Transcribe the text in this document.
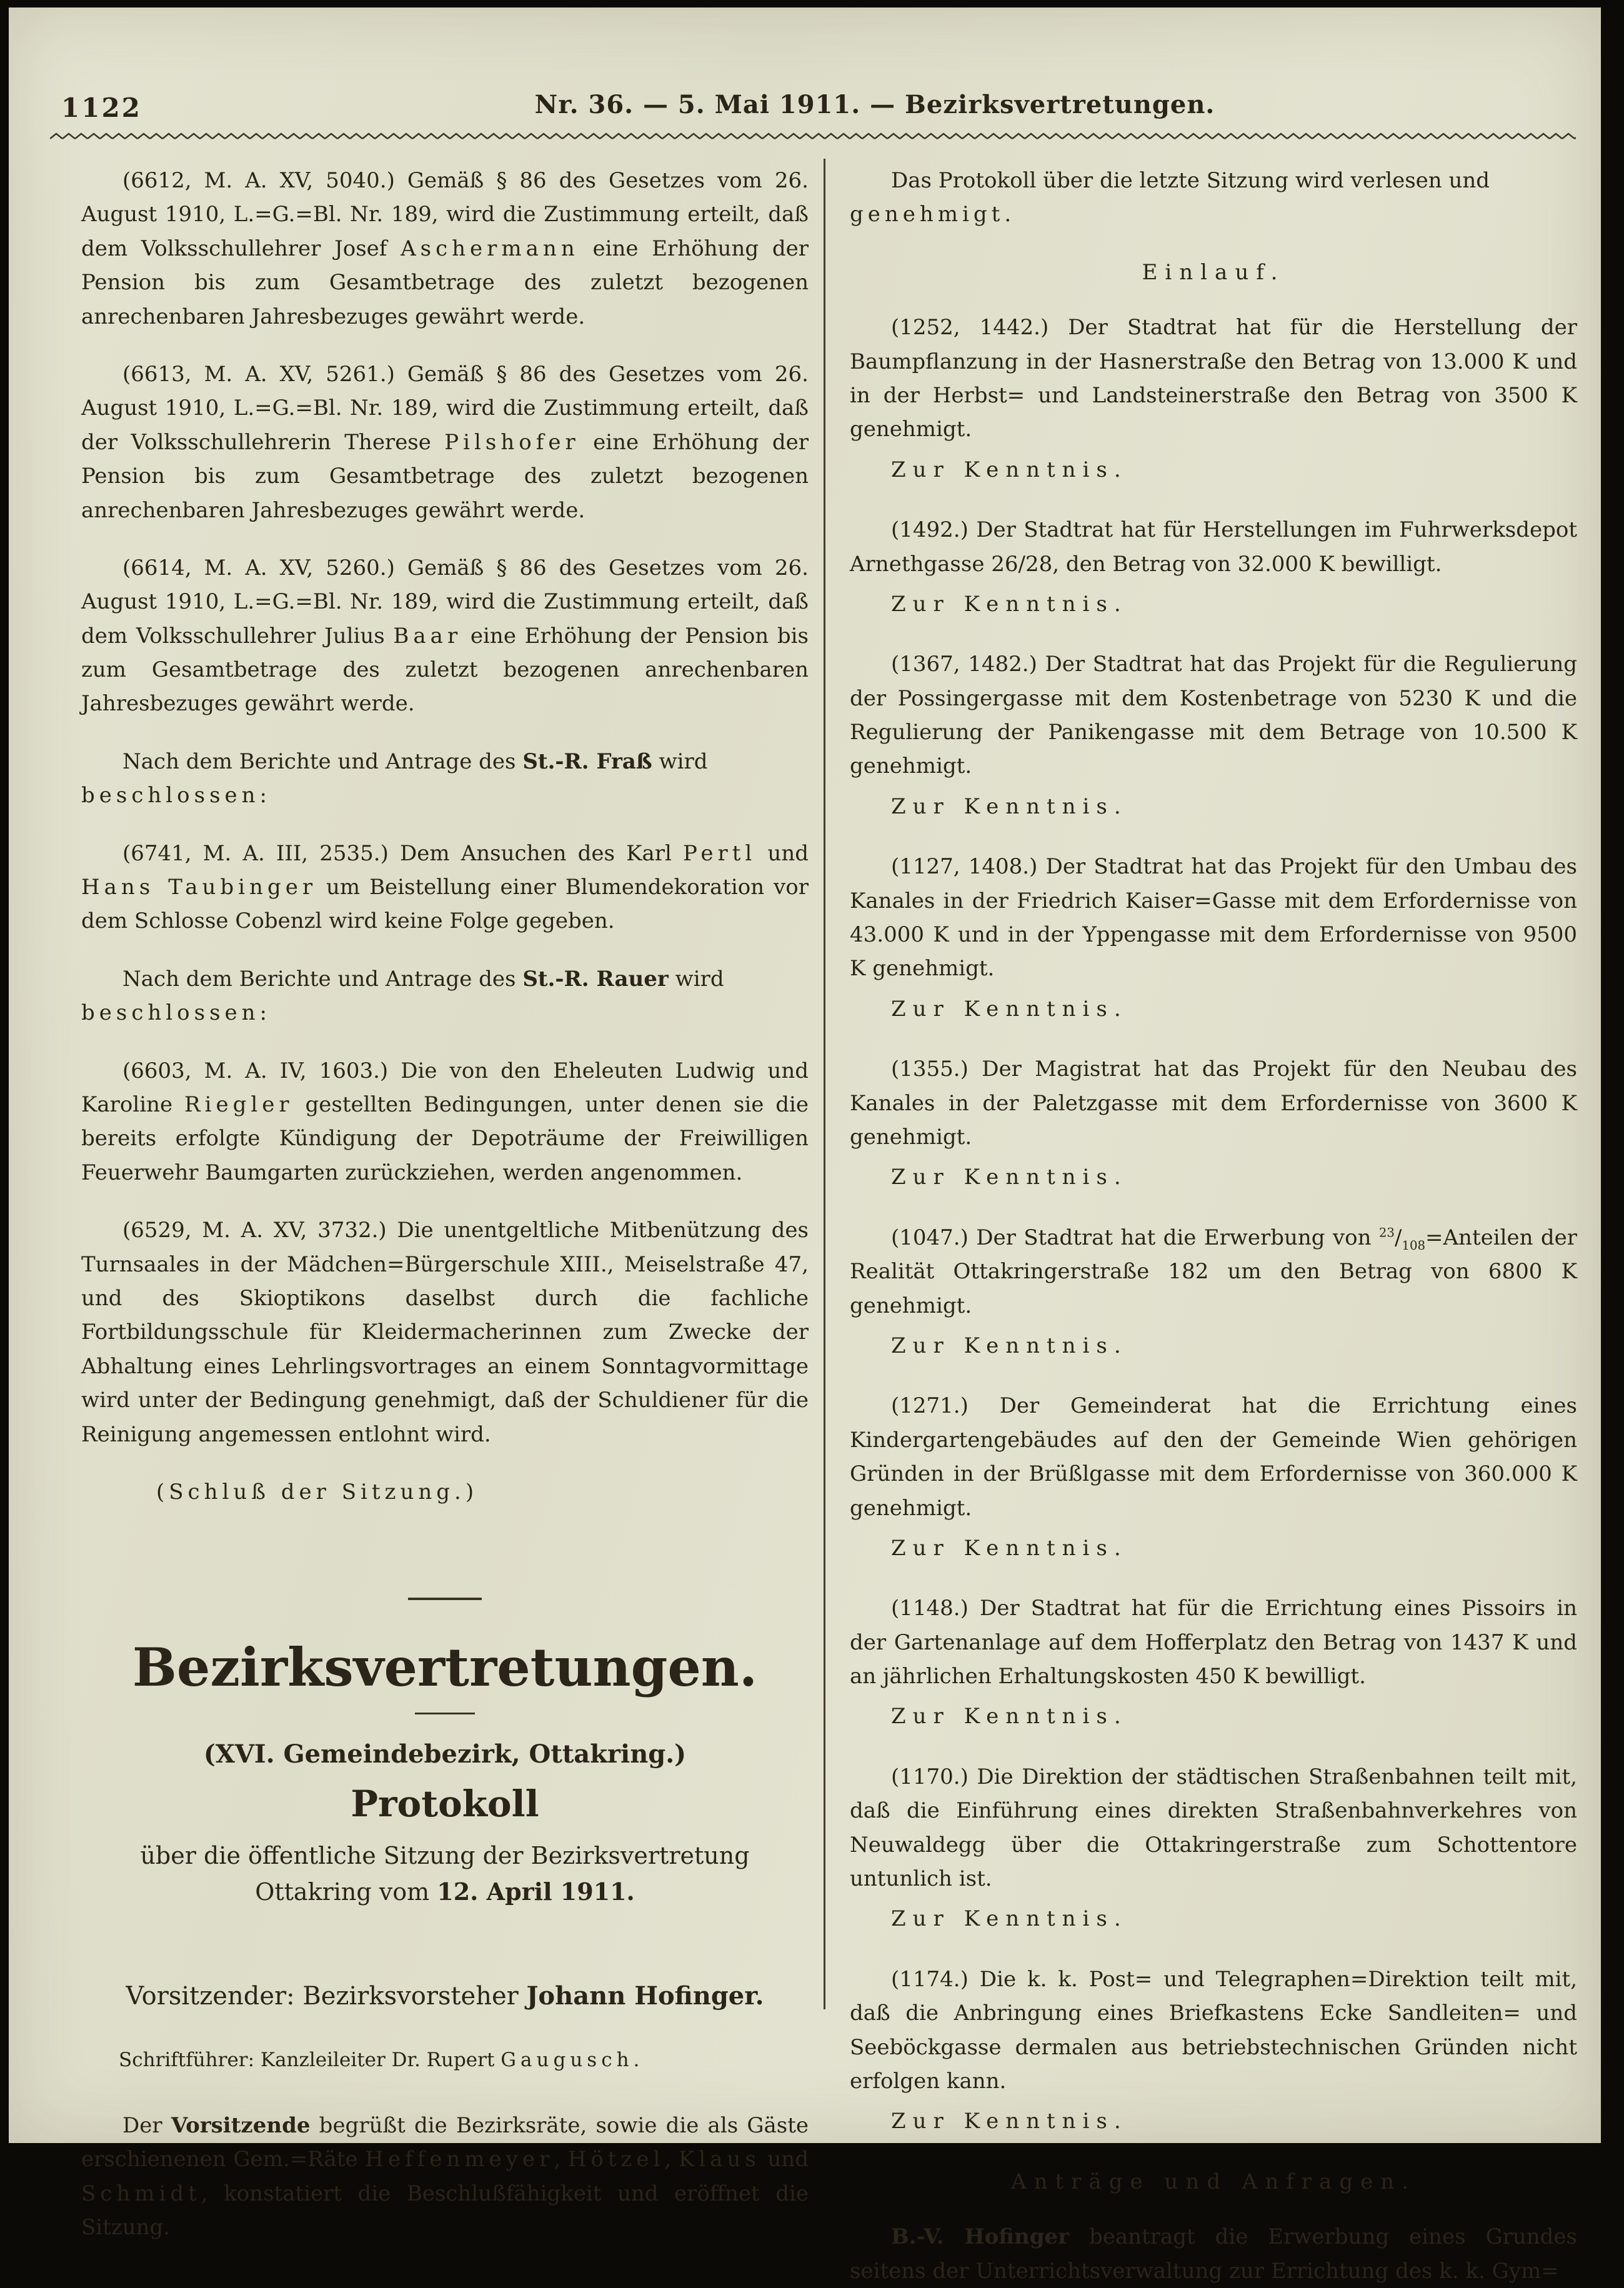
1122	Nr. 36. — 5. Mai 1911. — Bezirksvertretungen.
(6612, M. A. XV, 5040.) Gemäß § 86 des Gesetzes vom 26. August 1910, L.=G.=Bl. Nr. 189, wird die Zustimmung erteilt, daß dem Volksschullehrer Josef Aschermann eine Erhöhung der Pension bis zum Gesamtbetrage des zuletzt bezogenen anrechenbaren Jahresbezuges gewährt werde.
(6613, M. A. XV, 5261.) Gemäß § 86 des Gesetzes vom 26. August 1910, L.=G.=Bl. Nr. 189, wird die Zustimmung erteilt, daß der Volksschullehrerin Therese Pilshofer eine Erhöhung der Pension bis zum Gesamtbetrage des zuletzt bezogenen anrechenbaren Jahresbezuges gewährt werde.
(6614, M. A. XV, 5260.) Gemäß § 86 des Gesetzes vom 26. August 1910, L.=G.=Bl. Nr. 189, wird die Zustimmung erteilt, daß dem Volksschullehrer Julius Baar eine Erhöhung der Pension bis zum Gesamtbetrage des zuletzt bezogenen anrechenbaren Jahresbezuges gewährt werde.
Nach dem Berichte und Antrage des St.-R. Fraß wird
beschlossen:
(6741, M. A. III, 2535.) Dem Ansuchen des Karl Pertl und Hans Taubinger um Beistellung einer Blumendekoration vor dem Schlosse Cobenzl wird keine Folge gegeben.
Nach dem Berichte und Antrage des St.-R. Rauer wird
beschlossen:
(6603, M. A. IV, 1603.) Die von den Eheleuten Ludwig und Karoline Riegler gestellten Bedingungen, unter denen sie die bereits erfolgte Kündigung der Depoträume der Freiwilligen Feuerwehr Baumgarten zurückziehen, werden angenommen.
(6529, M. A. XV, 3732.) Die unentgeltliche Mitbenützung des Turnsaales in der Mädchen=Bürgerschule XIII., Meiselstraße 47, und des Skioptikons daselbst durch die fachliche Fortbildungsschule für Kleidermacherinnen zum Zwecke der Abhaltung eines Lehrlingsvortrages an einem Sonntagvormittage wird unter der Bedingung genehmigt, daß der Schuldiener für die Reinigung angemessen entlohnt wird.
(Schluß der Sitzung.)
Bezirksvertretungen.
(XVI. Gemeindebezirk, Ottakring.)
Protokoll
über die öffentliche Sitzung der Bezirksvertretung
Ottakring vom 12. April 1911.
Vorsitzender: Bezirksvorsteher Johann Hofinger.
Schriftführer: Kanzleileiter Dr. Rupert Gaugusch.
Der Vorsitzende begrüßt die Bezirksräte, sowie die als Gäste erschienenen Gem.=Räte Heffenmeyer, Hötzel, Klaus und Schmidt, konstatiert die Beschlußfähigkeit und eröffnet die Sitzung.
Das Protokoll über die letzte Sitzung wird verlesen und
genehmigt.
Einlauf.
(1252, 1442.) Der Stadtrat hat für die Herstellung der Baumpflanzung in der Hasnerstraße den Betrag von 13.000 K und in der Herbst= und Landsteinerstraße den Betrag von 3500 K genehmigt.
Zur Kenntnis.
(1492.) Der Stadtrat hat für Herstellungen im Fuhrwerksdepot Arnethgasse 26/28, den Betrag von 32.000 K bewilligt.
Zur Kenntnis.
(1367, 1482.) Der Stadtrat hat das Projekt für die Regulierung der Possingergasse mit dem Kostenbetrage von 5230 K und die Regulierung der Panikengasse mit dem Betrage von 10.500 K genehmigt.
Zur Kenntnis.
(1127, 1408.) Der Stadtrat hat das Projekt für den Umbau des Kanales in der Friedrich Kaiser=Gasse mit dem Erfordernisse von 43.000 K und in der Yppengasse mit dem Erfordernisse von 9500 K genehmigt.
Zur Kenntnis.
(1355.) Der Magistrat hat das Projekt für den Neubau des Kanales in der Paletzgasse mit dem Erfordernisse von 3600 K genehmigt.
Zur Kenntnis.
(1047.) Der Stadtrat hat die Erwerbung von $^{23}/_{108}=Anteilen$ der Realität Ottakringerstraße 182 um den Betrag von 6800 K genehmigt.
Zur Kenntnis.
(1271.) Der Gemeinderat hat die Errichtung eines Kindergartengebäudes auf den der Gemeinde Wien gehörigen Gründen in der Brüßlgasse mit dem Erfordernisse von 360.000 K genehmigt.
Zur Kenntnis.
(1148.) Der Stadtrat hat für die Errichtung eines Pissoirs in der Gartenanlage auf dem Hofferplatz den Betrag von 1437 K und an jährlichen Erhaltungskosten 450 K bewilligt.
Zur Kenntnis.
(1170.) Die Direktion der städtischen Straßenbahnen teilt mit, daß die Einführung eines direkten Straßenbahnverkehres von Neuwaldegg über die Ottakringerstraße zum Schottentore untunlich ist.
Zur Kenntnis.
(1174.) Die k. k. Post= und Telegraphen=Direktion teilt mit, daß die Anbringung eines Briefkastens Ecke Sandleiten= und Seeböckgasse dermalen aus betriebstechnischen Gründen nicht erfolgen kann.
Zur Kenntnis.
Anträge und Anfragen.
B.-V. Hofinger beantragt die Erwerbung eines Grundes seitens der Unterrichtsverwaltung zur Errichtung des k. k. Gym=
